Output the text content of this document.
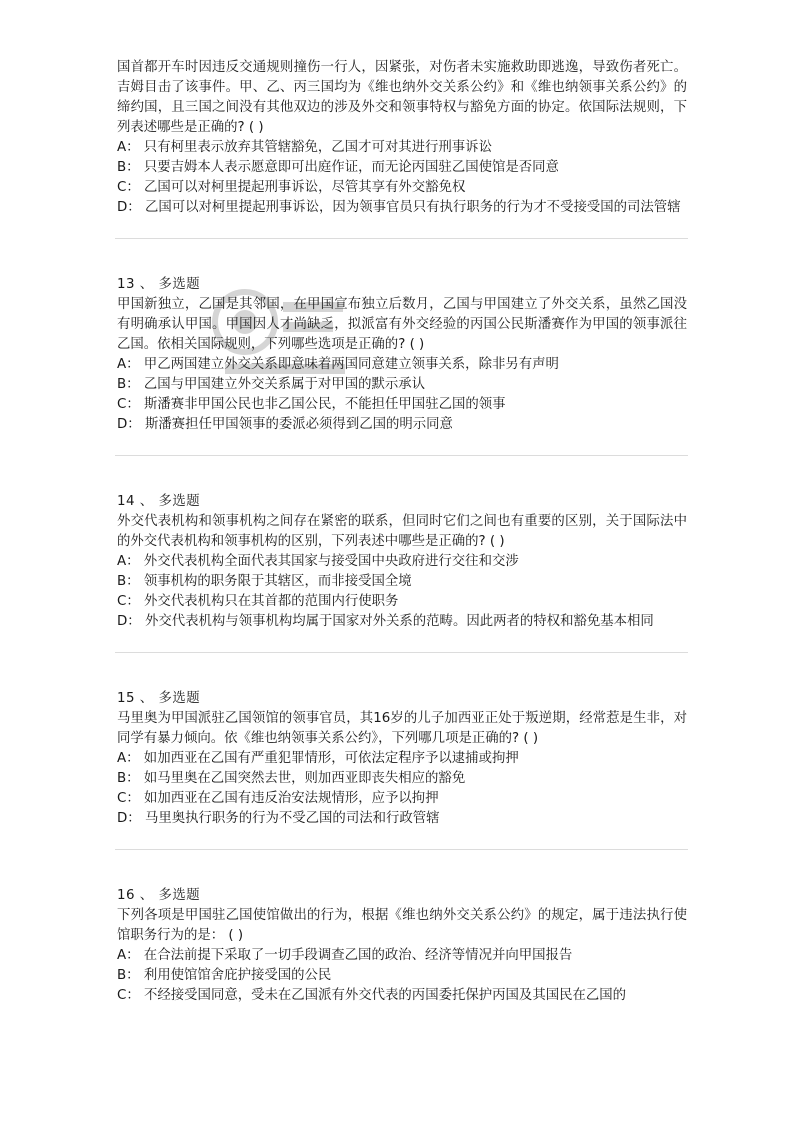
国首都开车时因违反交通规则撞伤一行人，因紧张，对伤者未实施救助即逃逸，导致伤者死亡。吉姆目击了该事件。甲、乙、丙三国均为《维也纳外交关系公约》和《维也纳领事关系公约》的缔约国，且三国之间没有其他双边的涉及外交和领事特权与豁免方面的协定。依国际法规则，下列表述哪些是正确的? ( )

A： 只有柯里表示放弃其管辖豁免，乙国才可对其进行刑事诉讼

B： 只要吉姆本人表示愿意即可出庭作证，而无论丙国驻乙国使馆是否同意

C： 乙国可以对柯里提起刑事诉讼，尽管其享有外交豁免权

D： 乙国可以对柯里提起刑事诉讼，因为领事官员只有执行职务的行为才不受接受国的司法管辖

13 、 多选题

甲国新独立，乙国是其邻国，在甲国宣布独立后数月，乙国与甲国建立了外交关系，虽然乙国没有明确承认甲国。甲国因人才尚缺乏，拟派富有外交经验的丙国公民斯潘赛作为甲国的领事派往乙国。依相关国际规则，下列哪些选项是正确的? ( )

A： 甲乙两国建立外交关系即意味着两国同意建立领事关系，除非另有声明

B： 乙国与甲国建立外交关系属于对甲国的默示承认

C： 斯潘赛非甲国公民也非乙国公民，不能担任甲国驻乙国的领事

D： 斯潘赛担任甲国领事的委派必须得到乙国的明示同意

14 、 多选题

外交代表机构和领事机构之间存在紧密的联系，但同时它们之间也有重要的区别，关于国际法中的外交代表机构和领事机构的区别，下列表述中哪些是正确的? ( )

A： 外交代表机构全面代表其国家与接受国中央政府进行交往和交涉

B： 领事机构的职务限于其辖区，而非接受国全境

C： 外交代表机构只在其首都的范围内行使职务

D： 外交代表机构与领事机构均属于国家对外关系的范畴。因此两者的特权和豁免基本相同

15 、 多选题

马里奥为甲国派驻乙国领馆的领事官员，其16岁的儿子加西亚正处于叛逆期，经常惹是生非，对同学有暴力倾向。依《维也纳领事关系公约》，下列哪几项是正确的? ( )

A： 如加西亚在乙国有严重犯罪情形，可依法定程序予以逮捕或拘押

B： 如马里奥在乙国突然去世，则加西亚即丧失相应的豁免

C： 如加西亚在乙国有违反治安法规情形，应予以拘押

D： 马里奥执行职务的行为不受乙国的司法和行政管辖

16 、 多选题

下列各项是甲国驻乙国使馆做出的行为，根据《维也纳外交关系公约》的规定，属于违法执行使馆职务行为的是： ( )

A： 在合法前提下采取了一切手段调查乙国的政治、经济等情况并向甲国报告

B： 利用使馆馆舍庇护接受国的公民

C： 不经接受国同意，受未在乙国派有外交代表的丙国委托保护丙国及其国民在乙国的
